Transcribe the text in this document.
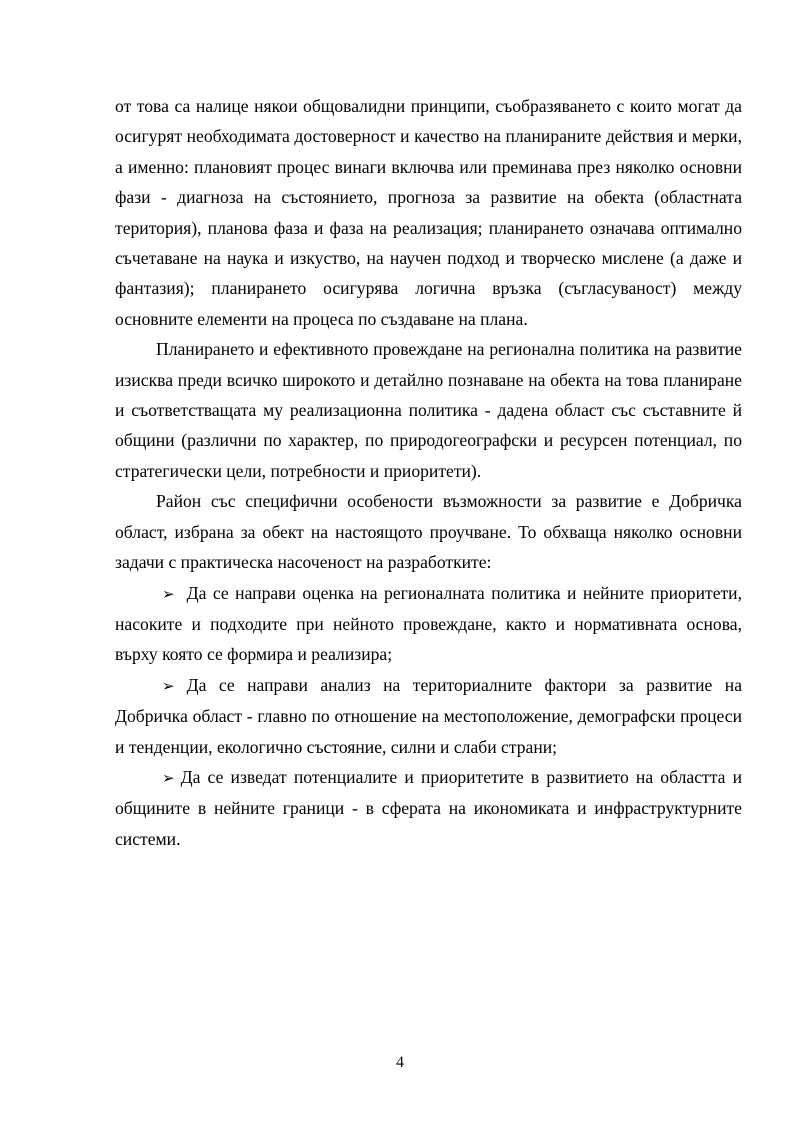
от това са налице някои общовалидни принципи, съобразяването с които могат да осигурят необходимата достоверност и качество на планираните действия и мерки, а именно: плановият процес винаги включва или преминава през няколко основни фази - диагноза на състоянието, прогноза за развитие на обекта (областната територия), планова фаза и фаза на реализация; планирането означава оптимално съчетаване на наука и изкуство, на научен подход и творческо мислене (а даже и фантазия); планирането осигурява логична връзка (съгласуваност) между основните елементи на процеса по създаване на плана.

Планирането и ефективното провеждане на регионална политика на развитие изисква преди всичко широкото и детайлно познаване на обекта на това планиране и съответстващата му реализационна политика - дадена област със съставните й общини (различни по характер, по природогеографски и ресурсен потенциал, по стратегически цели, потребности и приоритети).

Район със специфични особености възможности за развитие е Добричка област, избрана за обект на настоящото проучване. То обхваща няколко основни задачи с практическа насоченост на разработките:

➢ Да се направи оценка на регионалната политика и нейните приоритети, насоките и подходите при нейното провеждане, както и нормативната основа, върху която се формира и реализира;

➢ Да се направи анализ на териториалните фактори за развитие на Добричка област - главно по отношение на местоположение, демографски процеси и тенденции, екологично състояние, силни и слаби страни;

➢ Да се изведат потенциалите и приоритетите в развитието на областта и общините в нейните граници - в сферата на икономиката и инфраструктурните системи.

4
